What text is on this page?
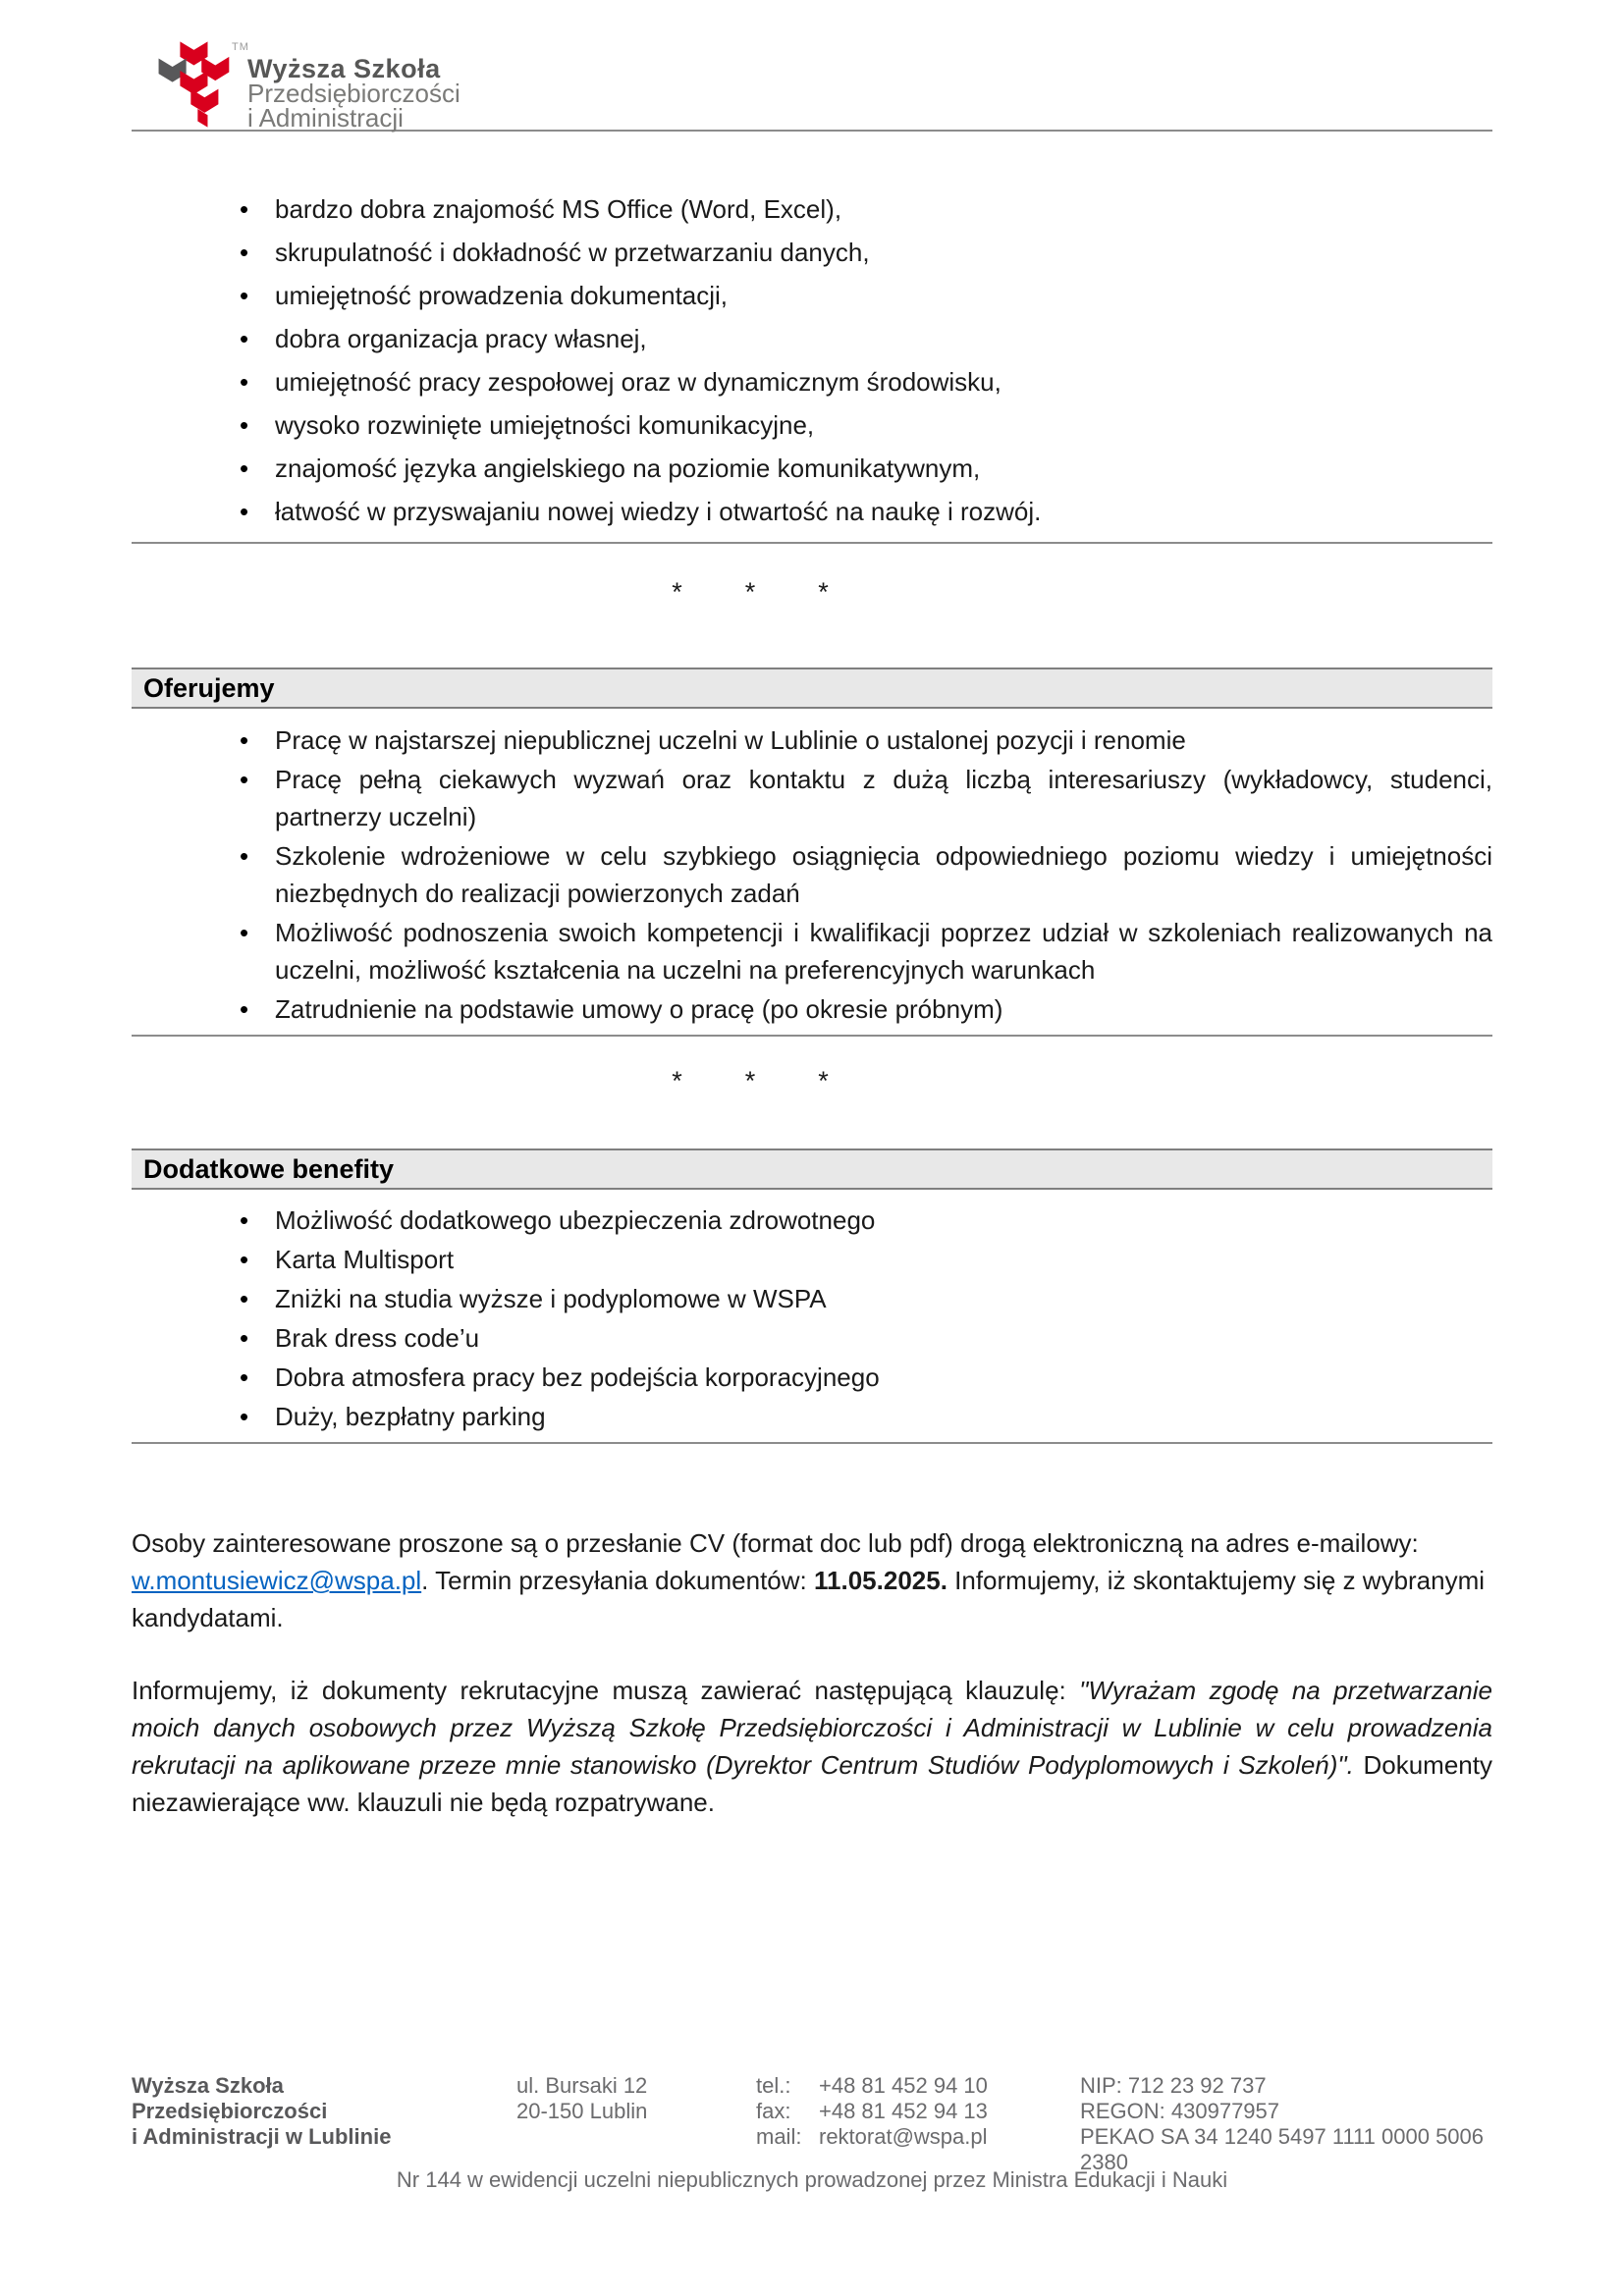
TM
Wyższa Szkoła
Przedsiębiorczości
i Administracji
• bardzo dobra znajomość MS Office (Word, Excel),
• skrupulatność i dokładność w przetwarzaniu danych,
• umiejętność prowadzenia dokumentacji,
• dobra organizacja pracy własnej,
• umiejętność pracy zespołowej oraz w dynamicznym środowisku,
• wysoko rozwinięte umiejętności komunikacyjne,
• znajomość języka angielskiego na poziomie komunikatywnym,
• łatwość w przyswajaniu nowej wiedzy i otwartość na naukę i rozwój.
* * *
Oferujemy
• Pracę w najstarszej niepublicznej uczelni w Lublinie o ustalonej pozycji i renomie
• Pracę pełną ciekawych wyzwań oraz kontaktu z dużą liczbą interesariuszy (wykładowcy, studenci, partnerzy uczelni)
• Szkolenie wdrożeniowe w celu szybkiego osiągnięcia odpowiedniego poziomu wiedzy i umiejętności niezbędnych do realizacji powierzonych zadań
• Możliwość podnoszenia swoich kompetencji i kwalifikacji poprzez udział w szkoleniach realizowanych na uczelni, możliwość kształcenia na uczelni na preferencyjnych warunkach
• Zatrudnienie na podstawie umowy o pracę (po okresie próbnym)
* * *
Dodatkowe benefity
• Możliwość dodatkowego ubezpieczenia zdrowotnego
• Karta Multisport
• Zniżki na studia wyższe i podyplomowe w WSPA
• Brak dress code’u
• Dobra atmosfera pracy bez podejścia korporacyjnego
• Duży, bezpłatny parking

Osoby zainteresowane proszone są o przesłanie CV (format doc lub pdf) drogą elektroniczną na adres e-mailowy: w.montusiewicz@wspa.pl. Termin przesyłania dokumentów: 11.05.2025. Informujemy, iż skontaktujemy się z wybranymi kandydatami.

Informujemy, iż dokumenty rekrutacyjne muszą zawierać następującą klauzulę: "Wyrażam zgodę na przetwarzanie moich danych osobowych przez Wyższą Szkołę Przedsiębiorczości i Administracji w Lublinie w celu prowadzenia rekrutacji na aplikowane przeze mnie stanowisko (Dyrektor Centrum Studiów Podyplomowych i Szkoleń)". Dokumenty niezawierające ww. klauzuli nie będą rozpatrywane.

Wyższa Szkoła
Przedsiębiorczości
i Administracji w Lublinie
ul. Bursaki 12
20-150 Lublin
tel.: +48 81 452 94 10
fax: +48 81 452 94 13
mail: rektorat@wspa.pl
NIP: 712 23 92 737
REGON: 430977957
PEKAO SA 34 1240 5497 1111 0000 5006 2380
Nr 144 w ewidencji uczelni niepublicznych prowadzonej przez Ministra Edukacji i Nauki
